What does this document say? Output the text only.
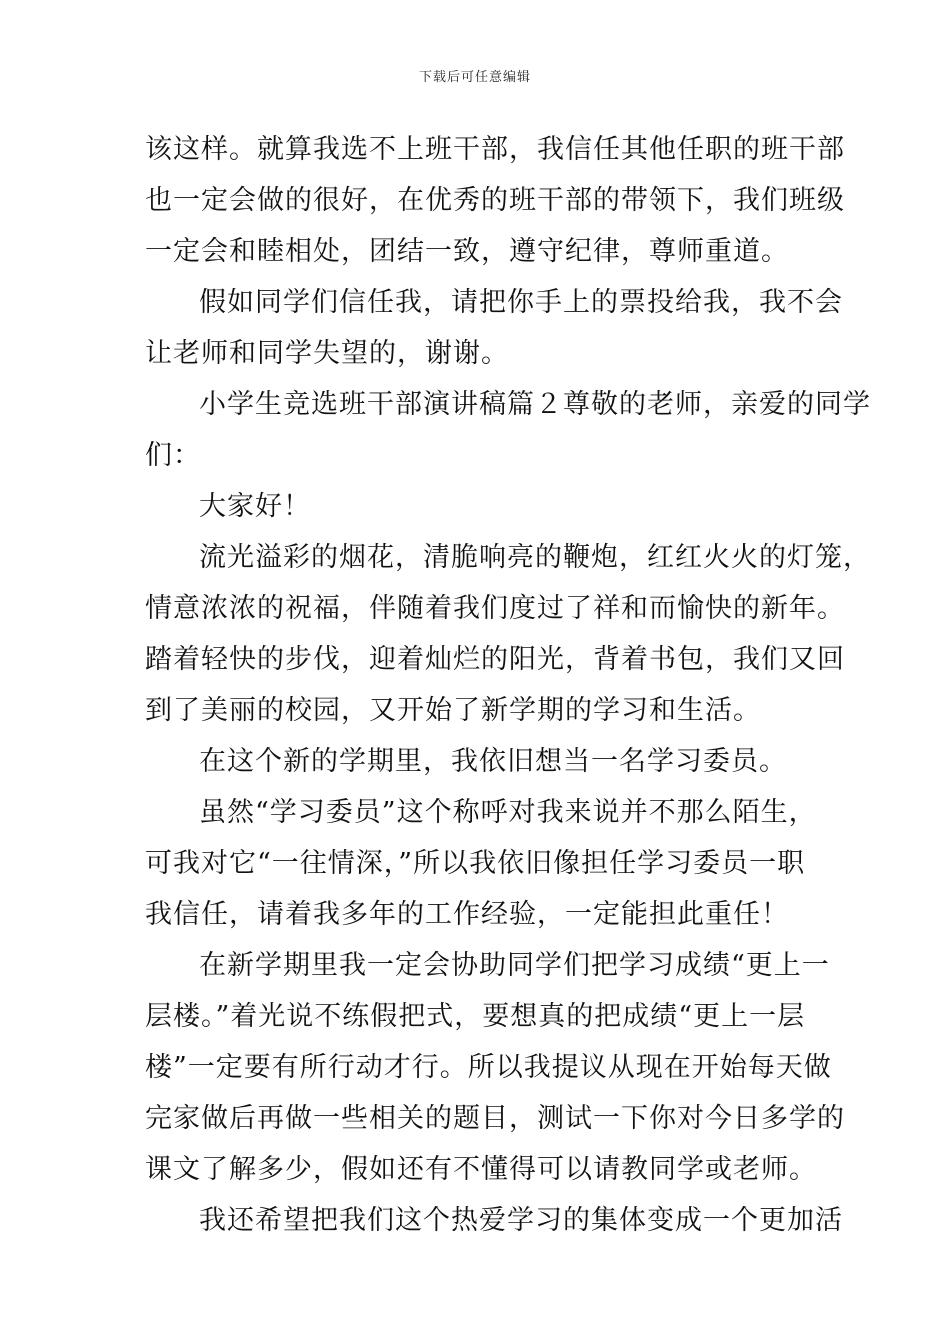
下载后可任意编辑
该这样。就算我选不上班干部，我信任其他任职的班干部
也一定会做的很好，在优秀的班干部的带领下，我们班级
一定会和睦相处，团结一致，遵守纪律，尊师重道。
假如同学们信任我，请把你手上的票投给我，我不会
让老师和同学失望的，谢谢。
小学生竞选班干部演讲稿篇２尊敬的老师，亲爱的同学
们：
大家好！
流光溢彩的烟花，清脆响亮的鞭炮，红红火火的灯笼，
情意浓浓的祝福，伴随着我们度过了祥和而愉快的新年。
踏着轻快的步伐，迎着灿烂的阳光，背着书包，我们又回
到了美丽的校园，又开始了新学期的学习和生活。
在这个新的学期里，我依旧想当一名学习委员。
虽然“学习委员”这个称呼对我来说并不那么陌生，
可我对它“一往情深，”所以我依旧像担任学习委员一职
我信任，请着我多年的工作经验，一定能担此重任！
在新学期里我一定会协助同学们把学习成绩“更上一
层楼。”着光说不练假把式，要想真的把成绩“更上一层
楼”一定要有所行动才行。所以我提议从现在开始每天做
完家做后再做一些相关的题目，测试一下你对今日多学的
课文了解多少，假如还有不懂得可以请教同学或老师。
我还希望把我们这个热爱学习的集体变成一个更加活
